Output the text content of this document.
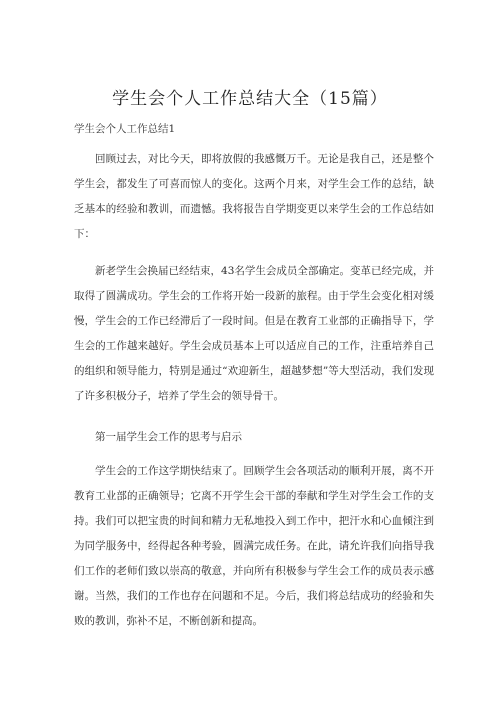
学生会个人工作总结大全（15篇）
学生会个人工作总结1

回顾过去，对比今天，即将放假的我感慨万千。无论是我自己，还是整个学生会，都发生了可喜而惊人的变化。这两个月来，对学生会工作的总结，缺乏基本的经验和教训，而遗憾。我将报告自学期变更以来学生会的工作总结如下：

新老学生会换届已经结束，43名学生会成员全部确定。变革已经完成，并取得了圆满成功。学生会的工作将开始一段新的旅程。由于学生会变化相对缓慢，学生会的工作已经滞后了一段时间。但是在教育工业部的正确指导下，学生会的工作越来越好。学生会成员基本上可以适应自己的工作，注重培养自己的组织和领导能力，特别是通过“欢迎新生，超越梦想”等大型活动，我们发现了许多积极分子，培养了学生会的领导骨干。

第一届学生会工作的思考与启示

学生会的工作这学期快结束了。回顾学生会各项活动的顺利开展，离不开教育工业部的正确领导；它离不开学生会干部的奉献和学生对学生会工作的支持。我们可以把宝贵的时间和精力无私地投入到工作中，把汗水和心血倾注到为同学服务中，经得起各种考验，圆满完成任务。在此，请允许我们向指导我们工作的老师们致以崇高的敬意，并向所有积极参与学生会工作的成员表示感谢。当然，我们的工作也存在问题和不足。今后，我们将总结成功的经验和失败的教训，弥补不足，不断创新和提高。
